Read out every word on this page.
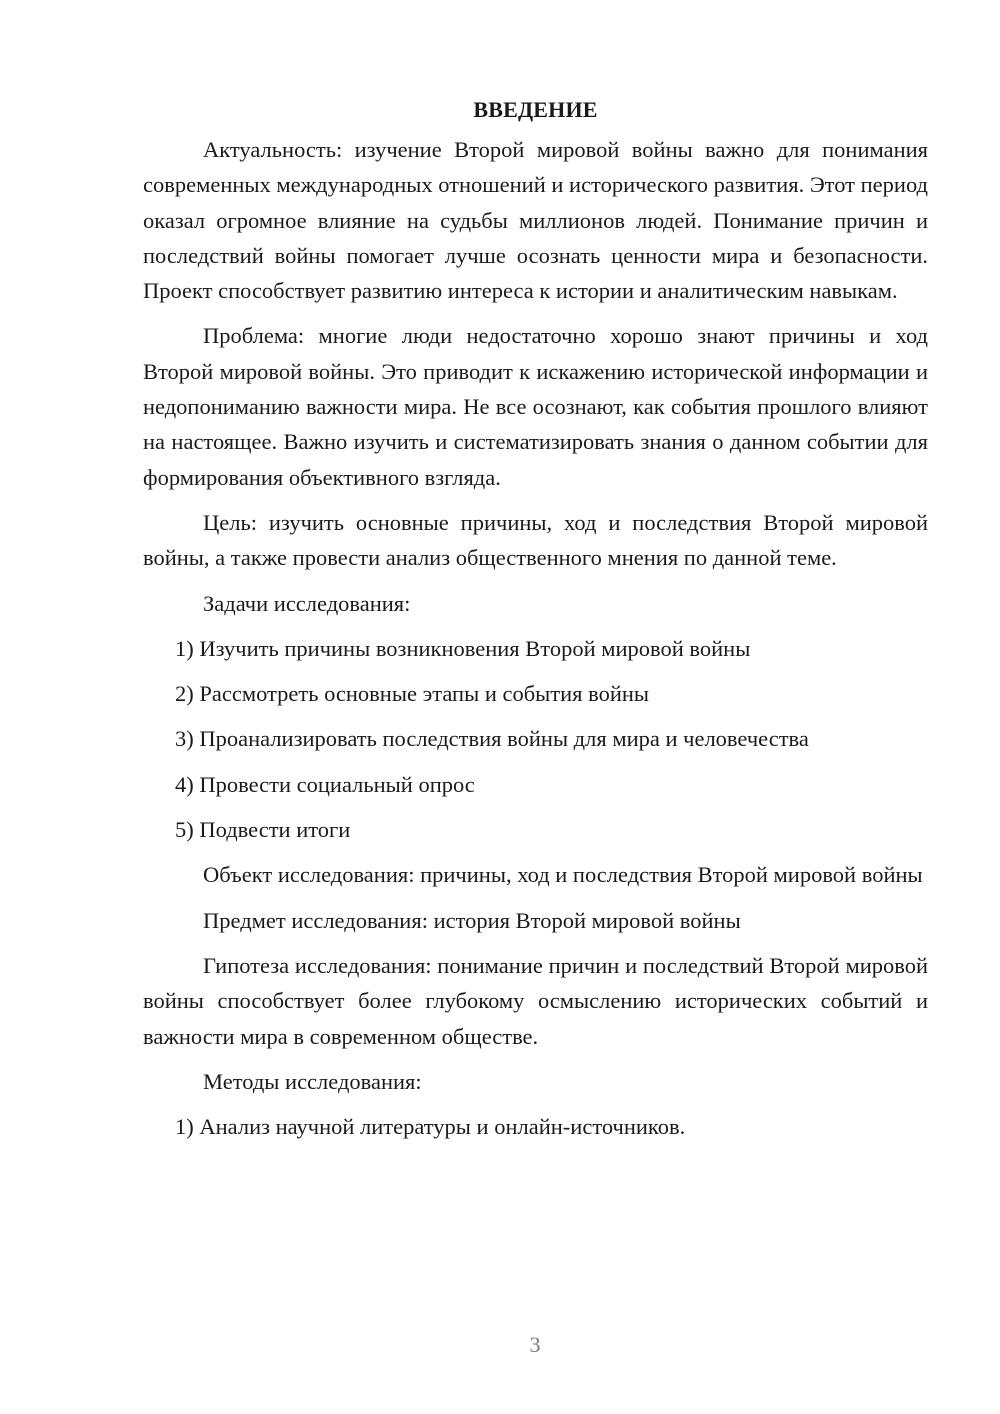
ВВЕДЕНИЕ

Актуальность: изучение Второй мировой войны важно для понимания современных международных отношений и исторического развития. Этот период оказал огромное влияние на судьбы миллионов людей. Понимание причин и последствий войны помогает лучше осознать ценности мира и безопасности. Проект способствует развитию интереса к истории и аналитическим навыкам.

Проблема: многие люди недостаточно хорошо знают причины и ход Второй мировой войны. Это приводит к искажению исторической информации и недопониманию важности мира. Не все осознают, как события прошлого влияют на настоящее. Важно изучить и систематизировать знания о данном событии для формирования объективного взгляда.

Цель: изучить основные причины, ход и последствия Второй мировой войны, а также провести анализ общественного мнения по данной теме.

Задачи исследования:

1) Изучить причины возникновения Второй мировой войны

2) Рассмотреть основные этапы и события войны

3) Проанализировать последствия войны для мира и человечества

4) Провести социальный опрос

5) Подвести итоги

Объект исследования: причины, ход и последствия Второй мировой войны

Предмет исследования: история Второй мировой войны

Гипотеза исследования: понимание причин и последствий Второй мировой войны способствует более глубокому осмыслению исторических событий и важности мира в современном обществе.

Методы исследования:

1) Анализ научной литературы и онлайн-источников.

3
